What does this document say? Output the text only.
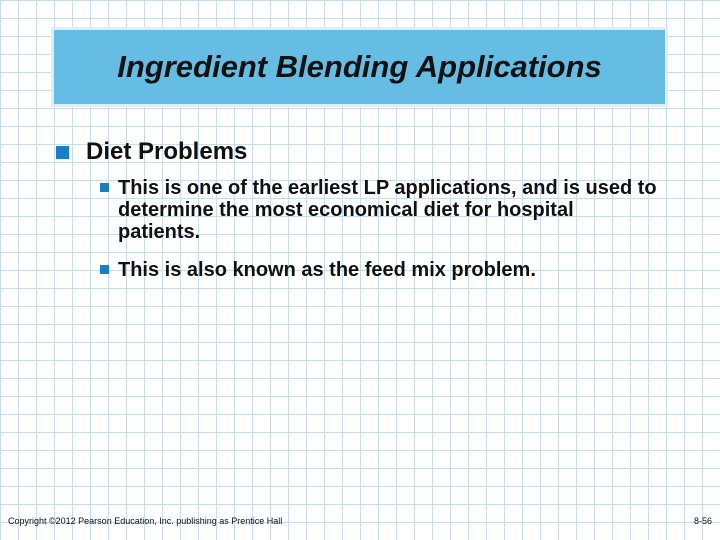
Ingredient Blending Applications
Diet Problems
This is one of the earliest LP applications, and is used to determine the most economical diet for hospital patients.
This is also known as the feed mix problem.
Copyright ©2012 Pearson Education, Inc. publishing as Prentice Hall	8-56
